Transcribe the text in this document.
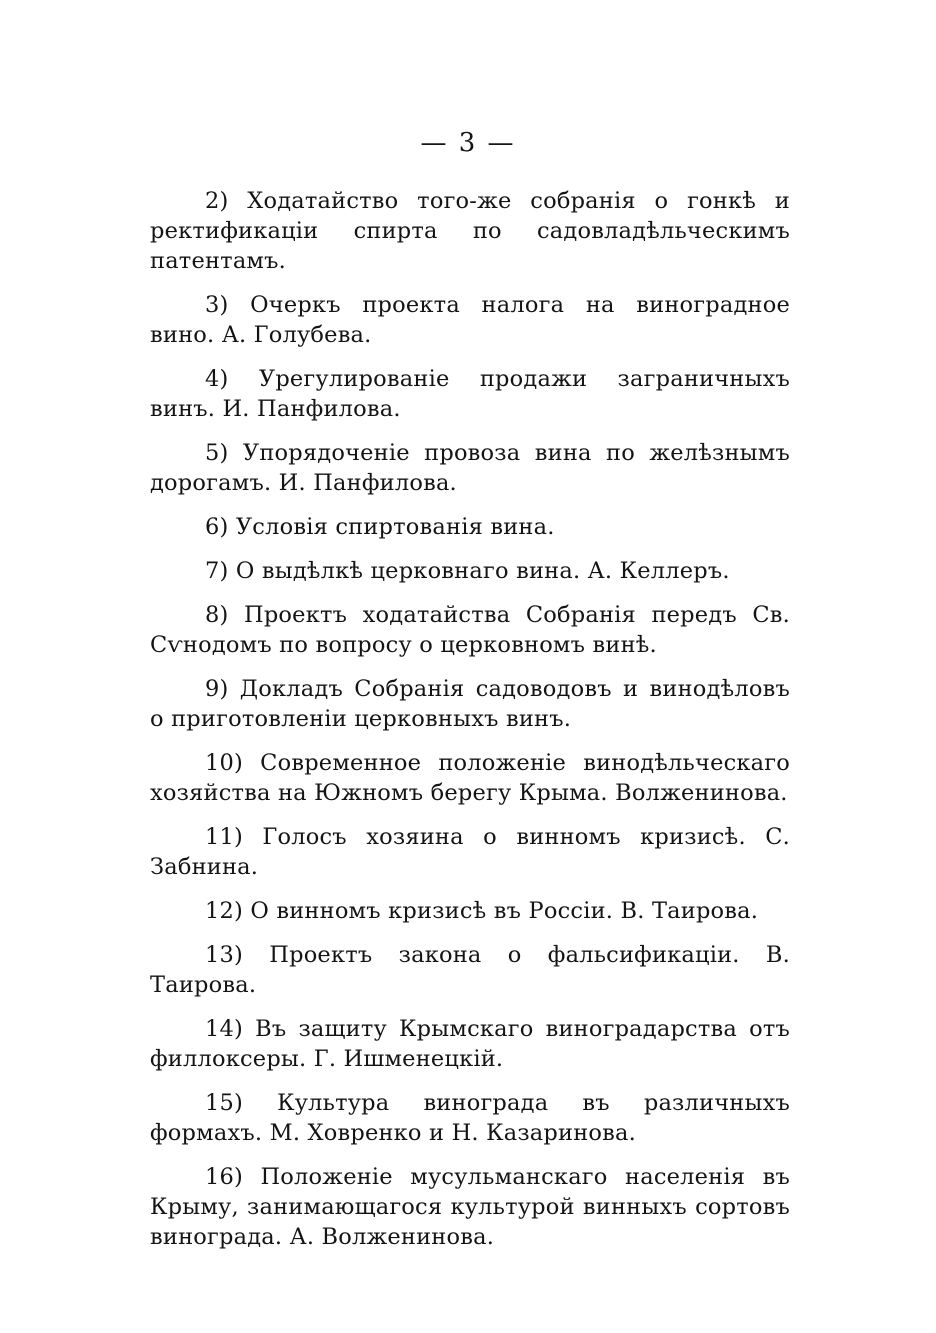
— 3 —
2) Ходатайство того-же собранія о гонкѣ и ректификаціи спирта по садовладѣльческимъ патентамъ.
3) Очеркъ проекта налога на виноградное вино. А. Голубева.
4) Урегулированіе продажи заграничныхъ винъ. И. Панфилова.
5) Упорядоченіе провоза вина по желѣзнымъ дорогамъ. И. Панфилова.
6) Условія спиртованія вина.
7) О выдѣлкѣ церковнаго вина. А. Келлеръ.
8) Проектъ ходатайства Собранія передъ Св. Сѵнодомъ по вопросу о церковномъ винѣ.
9) Докладъ Собранія садоводовъ и винодѣловъ о приготовленіи церковныхъ винъ.
10) Современное положеніе винодѣльческаго хозяйства на Южномъ берегу Крыма. Волженинова.
11) Голосъ хозяина о винномъ кризисѣ. С. Забнина.
12) О винномъ кризисѣ въ Россіи. В. Таирова.
13) Проектъ закона о фальсификаціи. В. Таирова.
14) Въ защиту Крымскаго виноградарства отъ филлоксеры. Г. Ишменецкій.
15) Культура винограда въ различныхъ формахъ. М. Ховренко и Н. Казаринова.
16) Положеніе мусульманскаго населенія въ Крыму, занимающагося культурой винныхъ сортовъ винограда. А. Волженинова.
